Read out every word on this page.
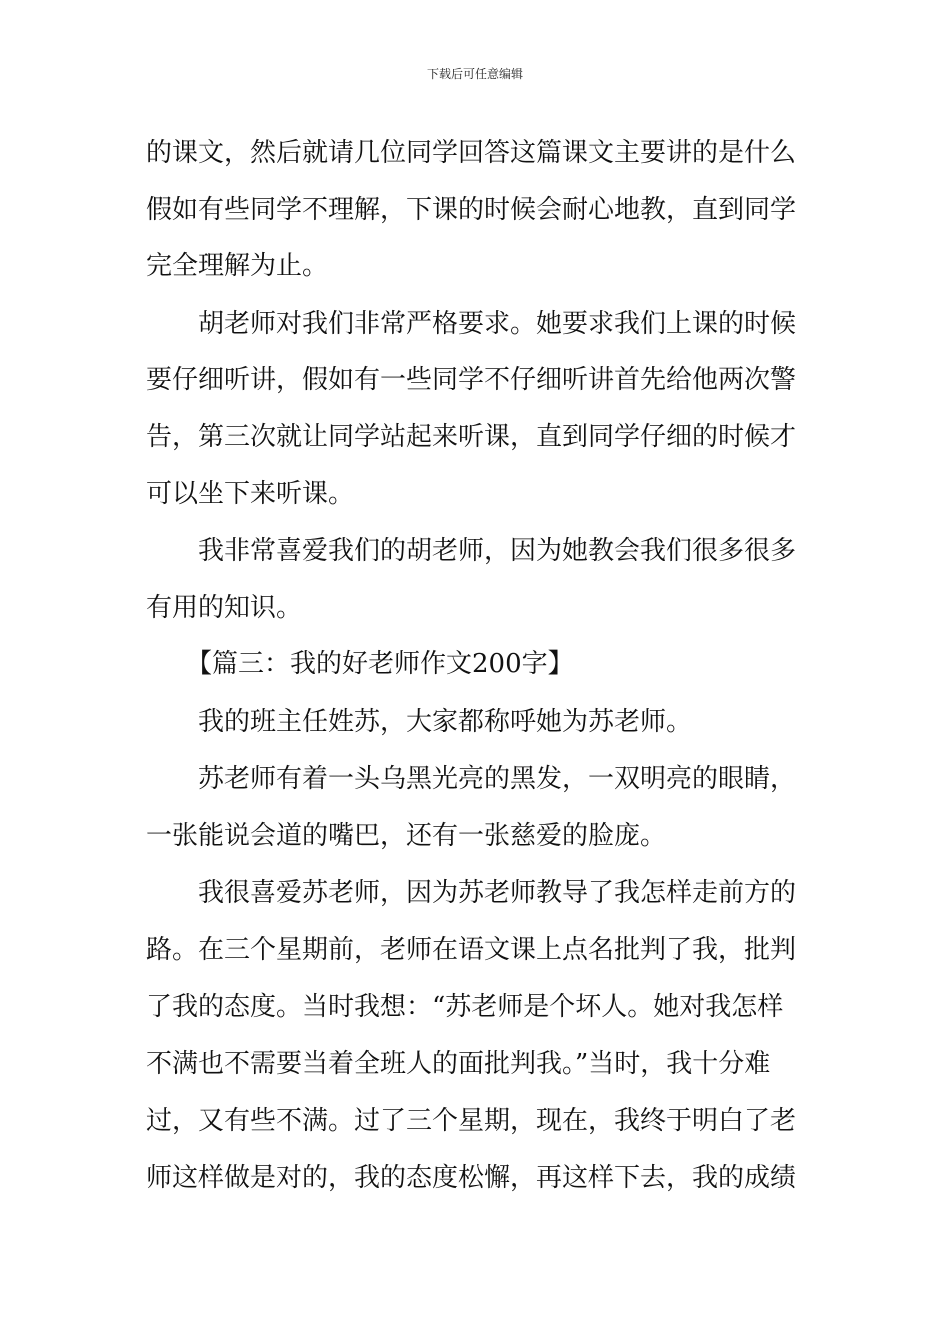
下载后可任意编辑
的课文，然后就请几位同学回答这篇课文主要讲的是什么
假如有些同学不理解，下课的时候会耐心地教，直到同学
完全理解为止。
胡老师对我们非常严格要求。她要求我们上课的时候
要仔细听讲，假如有一些同学不仔细听讲首先给他两次警
告，第三次就让同学站起来听课，直到同学仔细的时候才
可以坐下来听课。
我非常喜爱我们的胡老师，因为她教会我们很多很多
有用的知识。
【篇三：我的好老师作文200字】
我的班主任姓苏，大家都称呼她为苏老师。
苏老师有着一头乌黑光亮的黑发，一双明亮的眼睛，
一张能说会道的嘴巴，还有一张慈爱的脸庞。
我很喜爱苏老师，因为苏老师教导了我怎样走前方的
路。在三个星期前，老师在语文课上点名批判了我，批判
了我的态度。当时我想：“苏老师是个坏人。她对我怎样
不满也不需要当着全班人的面批判我。”当时，我十分难
过，又有些不满。过了三个星期，现在，我终于明白了老
师这样做是对的，我的态度松懈，再这样下去，我的成绩
